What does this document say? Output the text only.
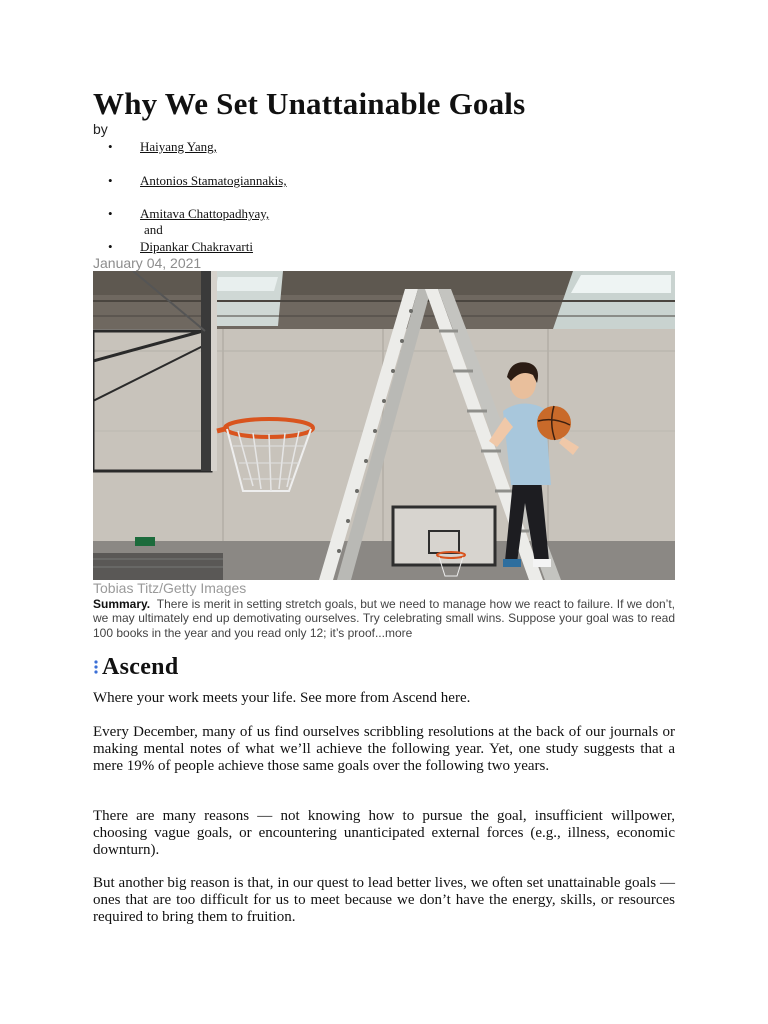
Why We Set Unattainable Goals
by
• Haiyang Yang,
• Antonios Stamatogiannakis,
• Amitava Chattopadhyay,
• Dipankar Chakravarti
and
January 04, 2021
Tobias Titz/Getty Images

Summary. There is merit in setting stretch goals, but we need to manage how we react to failure. If we don’t, we may ultimately end up demotivating ourselves. Try celebrating small wins. Suppose your goal was to read 100 books in the year and you read only 12; it’s proof...more

Ascend

Where your work meets your life. See more from Ascend here.

Every December, many of us find ourselves scribbling resolutions at the back of our journals or making mental notes of what we’ll achieve the following year. Yet, one study suggests that a mere 19% of people achieve those same goals over the following two years.

There are many reasons — not knowing how to pursue the goal, insufficient willpower, choosing vague goals, or encountering unanticipated external forces (e.g., illness, economic downturn).

But another big reason is that, in our quest to lead better lives, we often set unattainable goals — ones that are too difficult for us to meet because we don’t have the energy, skills, or resources required to bring them to fruition.
